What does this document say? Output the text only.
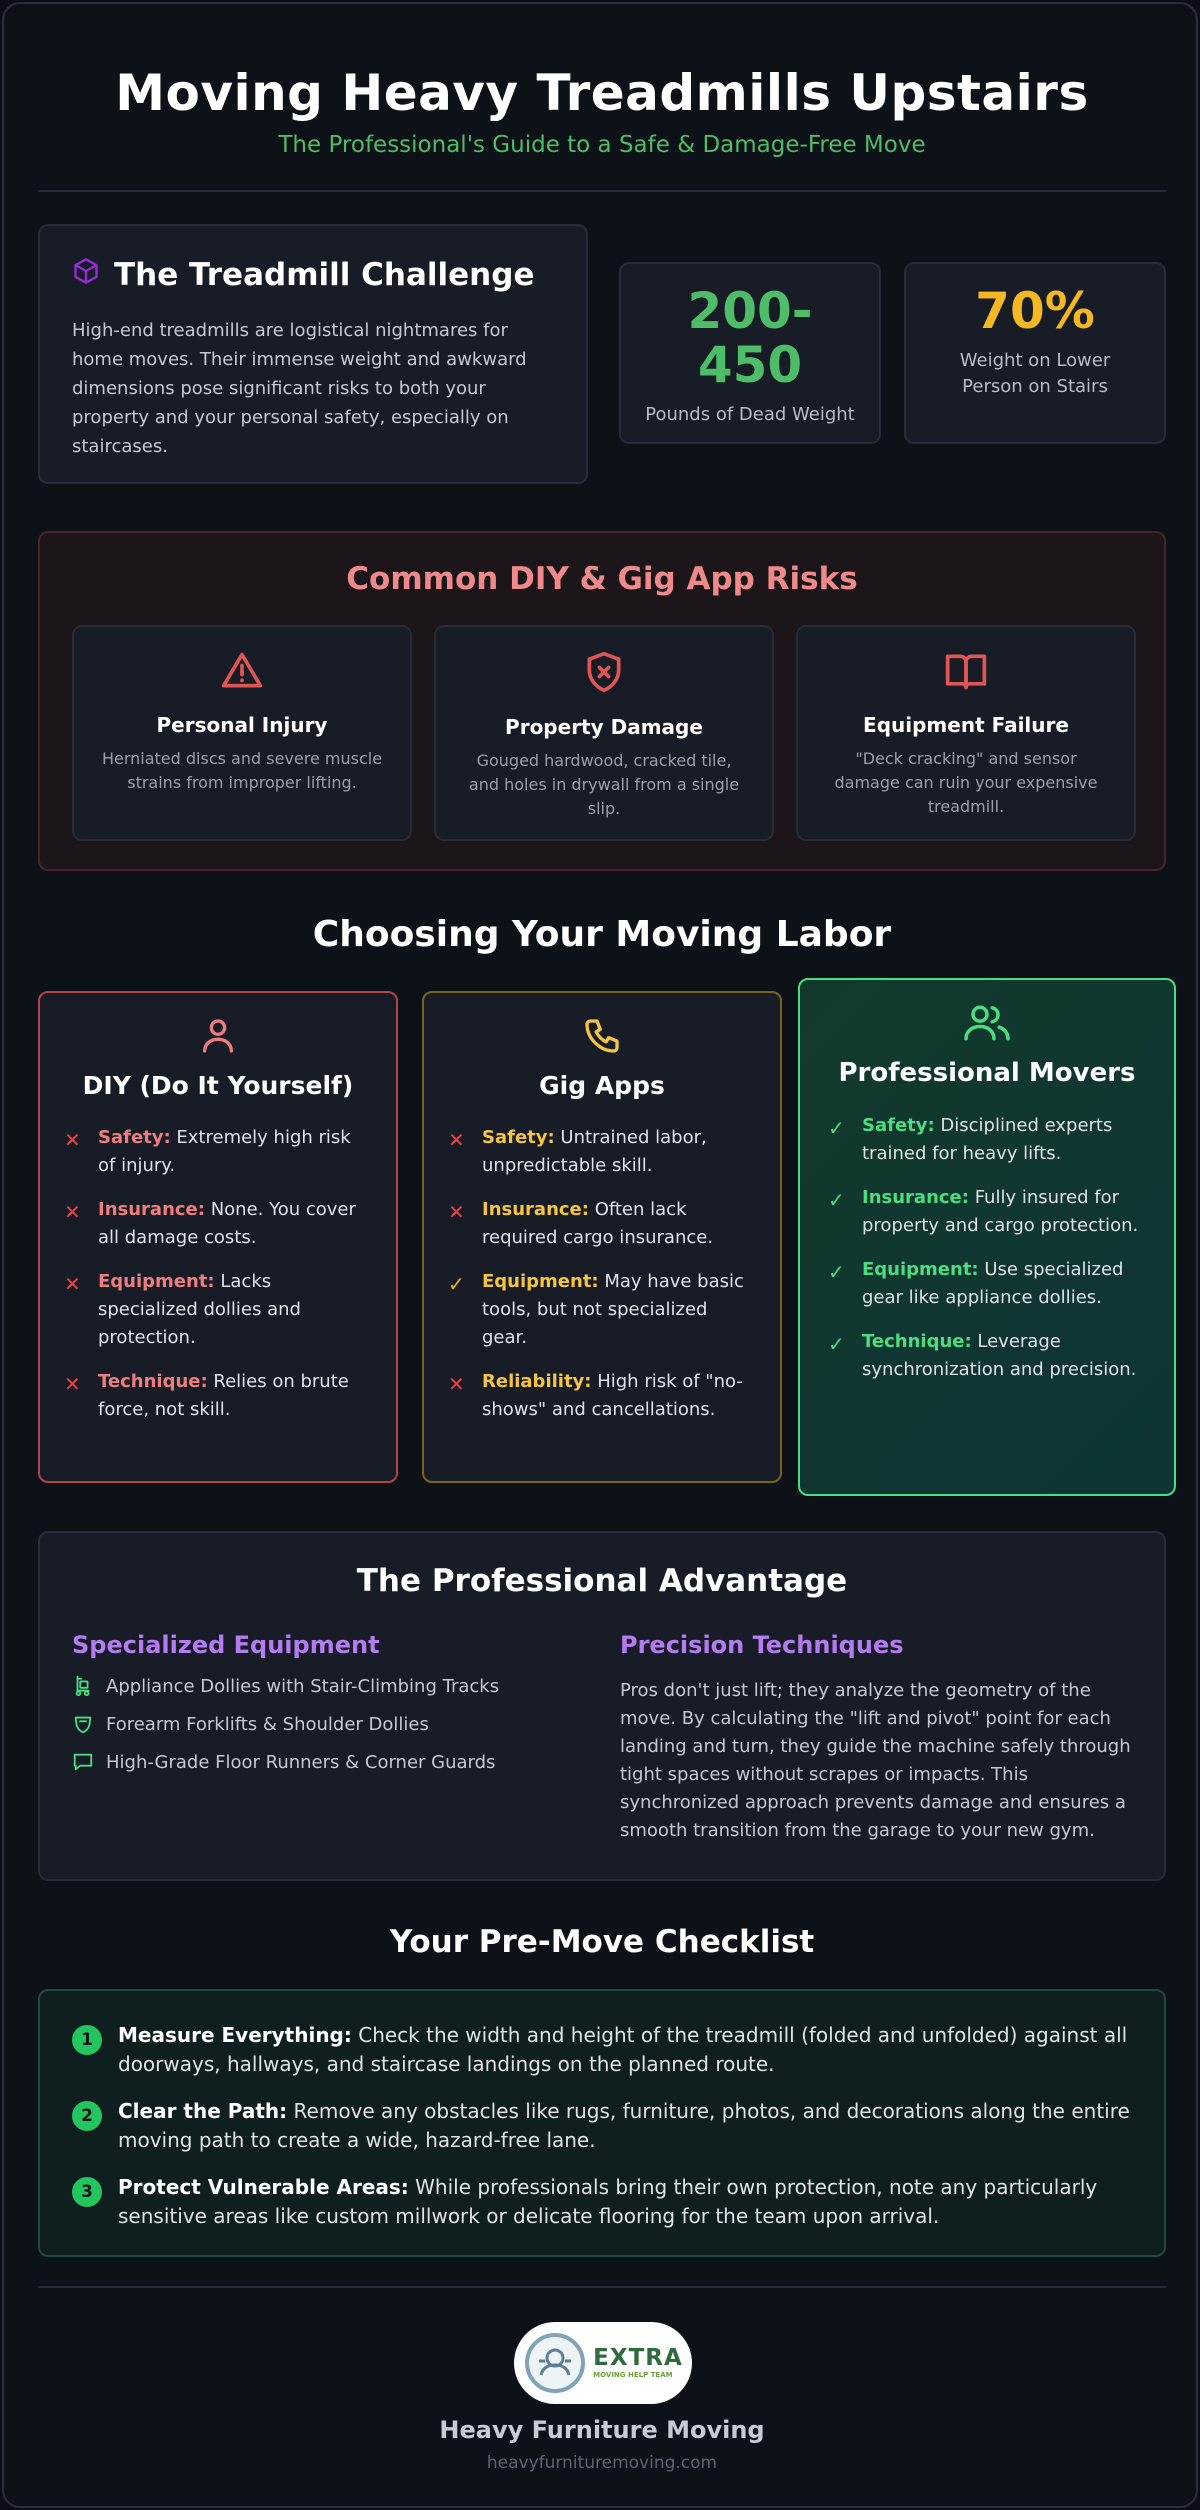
Moving Heavy Treadmills Upstairs
The Professional's Guide to a Safe & Damage-Free Move
The Treadmill Challenge

High-end treadmills are logistical nightmares for home moves. Their immense weight and awkward dimensions pose significant risks to both your property and your personal safety, especially on staircases.

200-
450
Pounds of Dead Weight
70%
Weight on Lower
Person on Stairs
Common DIY & Gig App Risks
Personal Injury
Herniated discs and severe muscle strains from improper lifting.
Property Damage
Gouged hardwood, cracked tile, and holes in drywall from a single slip.
Equipment Failure
"Deck cracking" and sensor damage can ruin your expensive treadmill.
Choosing Your Moving Labor
DIY (Do It Yourself)
✕ Safety: Extremely high risk of injury.
✕ Insurance: None. You cover all damage costs.
✕ Equipment: Lacks specialized dollies and protection.
✕ Technique: Relies on brute force, not skill.
Gig Apps
✕ Safety: Untrained labor, unpredictable skill.
✕ Insurance: Often lack required cargo insurance.
✓ Equipment: May have basic tools, but not specialized gear.
✕ Reliability: High risk of "no-shows" and cancellations.
Professional Movers
✓ Safety: Disciplined experts trained for heavy lifts.
✓ Insurance: Fully insured for property and cargo protection.
✓ Equipment: Use specialized gear like appliance dollies.
✓ Technique: Leverage synchronization and precision.
The Professional Advantage
Specialized Equipment
Appliance Dollies with Stair-Climbing Tracks
Forearm Forklifts & Shoulder Dollies
High-Grade Floor Runners & Corner Guards
Precision Techniques

Pros don't just lift; they analyze the geometry of the move. By calculating the "lift and pivot" point for each landing and turn, they guide the machine safely through tight spaces without scrapes or impacts. This synchronized approach prevents damage and ensures a smooth transition from the garage to your new gym.

Your Pre-Move Checklist
1	Measure Everything: Check the width and height of the treadmill (folded and unfolded) against all doorways, hallways, and staircase landings on the planned route.
2	Clear the Path: Remove any obstacles like rugs, furniture, photos, and decorations along the entire moving path to create a wide, hazard-free lane.
3	Protect Vulnerable Areas: While professionals bring their own protection, note any particularly sensitive areas like custom millwork or delicate flooring for the team upon arrival.
EXTRA
MOVING HELP TEAM
Heavy Furniture Moving
heavyfurnituremoving.com
